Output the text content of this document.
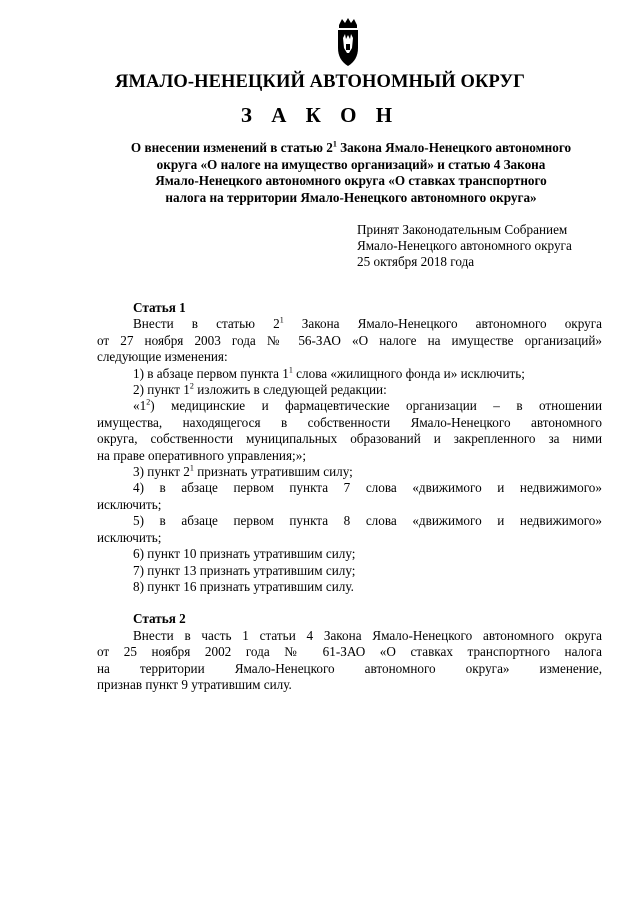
ЯМАЛО-НЕНЕЦКИЙ АВТОНОМНЫЙ ОКРУГ
З А К О Н
О внесении изменений в статью $2^1$ Закона Ямало-Ненецкого автономного
округа «О налоге на имущество организаций» и статью 4 Закона
Ямало-Ненецкого автономного округа «О ставках транспортного
налога на территории Ямало-Ненецкого автономного округа»
Принят Законодательным Собранием
Ямало-Ненецкого автономного округа
25 октября 2018 года
Статья 1
Внести в статью $2^1$ Закона Ямало-Ненецкого автономного округа
от 27 ноября 2003 года № 56-ЗАО «О налоге на имуществе организаций»
следующие изменения:
1) в абзаце первом пункта $1^1$ слова «жилищного фонда и» исключить;
2) пункт $1^2$ изложить в следующей редакции:
«$1^2$) медицинские и фармацевтические организации – в отношении
имущества, находящегося в собственности Ямало-Ненецкого автономного
округа, собственности муниципальных образований и закрепленного за ними
на праве оперативного управления;»;
3) пункт $2^1$ признать утратившим силу;
4) в абзаце первом пункта 7 слова «движимого и недвижимого»
исключить;
5) в абзаце первом пункта 8 слова «движимого и недвижимого»
исключить;
6) пункт 10 признать утратившим силу;
7) пункт 13 признать утратившим силу;
8) пункт 16 признать утратившим силу.
Статья 2
Внести в часть 1 статьи 4 Закона Ямало-Ненецкого автономного округа
от 25 ноября 2002 года № 61-ЗАО «О ставках транспортного налога
на территории Ямало-Ненецкого автономного округа» изменение,
признав пункт 9 утратившим силу.
